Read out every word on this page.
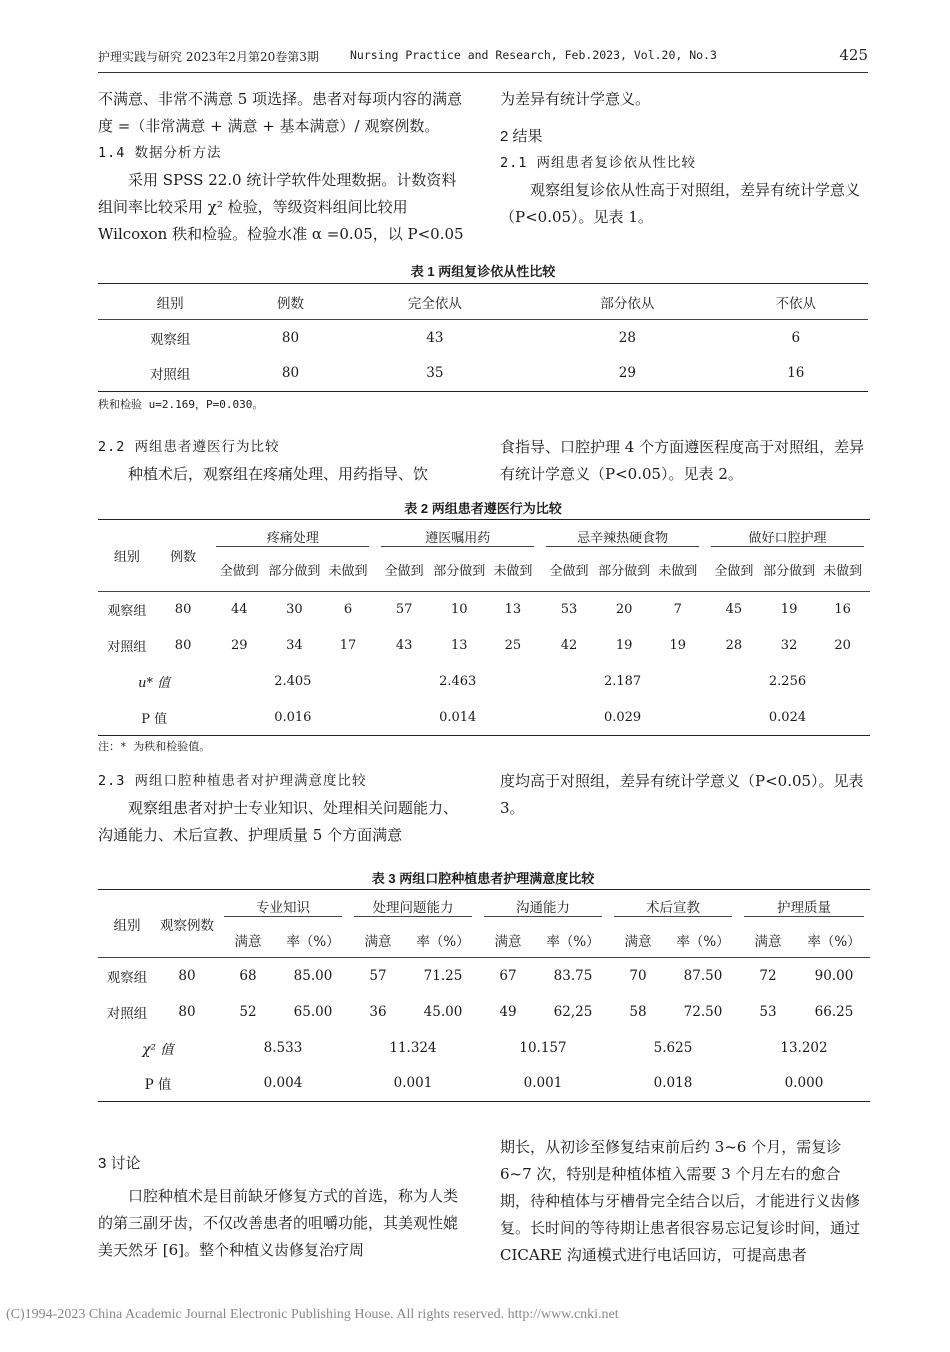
护理实践与研究 2023年2月第20卷第3期	Nursing Practice and Research, Feb.2023, Vol.20, No.3	425

不满意、非常不满意 5 项选择。患者对每项内容的满意度 =（非常满意 + 满意 + 基本满意）/ 观察例数。

1.4 数据分析方法

采用 SPSS 22.0 统计学软件处理数据。计数资料组间率比较采用 χ² 检验，等级资料组间比较用 Wilcoxon 秩和检验。检验水准 α =0.05，以 P<0.05

为差异有统计学意义。

2 结果

2.1 两组患者复诊依从性比较

观察组复诊依从性高于对照组，差异有统计学意义（P<0.05）。见表 1。

表 1 两组复诊依从性比较
组别	例数	完全依从	部分依从	不依从
观察组	80	43	28	6
对照组	80	35	29	16
秩和检验 u=2.169，P=0.030。

2.2 两组患者遵医行为比较

种植术后，观察组在疼痛处理、用药指导、饮

食指导、口腔护理 4 个方面遵医程度高于对照组，差异有统计学意义（P<0.05）。见表 2。

表 2 两组患者遵医行为比较
组别	例数	疼痛处理			遵医嘱用药			忌辛辣热硬食物			做好口腔护理		

		全做到	部分做到	未做到	全做到	部分做到	未做到	全做到	部分做到	未做到	全做到	部分做到	未做到
观察组	80	44	30	6	57	10	13	53	20	7	45	19	16
对照组	80	29	34	17	43	13	25	42	19	19	28	32	20
u* 值		2.405			2.463			2.187			2.256		
P 值		0.016			0.014			0.029			0.024		
注：* 为秩和检验值。

2.3 两组口腔种植患者对护理满意度比较

观察组患者对护士专业知识、处理相关问题能力、沟通能力、术后宣教、护理质量 5 个方面满意

度均高于对照组，差异有统计学意义（P<0.05）。见表 3。

表 3 两组口腔种植患者护理满意度比较
组别	观察例数	专业知识		处理问题能力		沟通能力		术后宣教		护理质量	

		满意	率（%）	满意	率（%）	满意	率（%）	满意	率（%）	满意	率（%）
观察组	80	68	85.00	57	71.25	67	83.75	70	87.50	72	90.00
对照组	80	52	65.00	36	45.00	49	62,25	58	72.50	53	66.25
χ² 值		8.533		11.324		10.157		5.625		13.202	
P 值		0.004		0.001		0.001		0.018		0.000	

3 讨论

口腔种植术是目前缺牙修复方式的首选，称为人类的第三副牙齿，不仅改善患者的咀嚼功能，其美观性媲美天然牙 [6]。整个种植义齿修复治疗周

期长，从初诊至修复结束前后约 3~6 个月，需复诊 6~7 次，特别是种植体植入需要 3 个月左右的愈合期，待种植体与牙槽骨完全结合以后，才能进行义齿修复。长时间的等待期让患者很容易忘记复诊时间，通过 CICARE 沟通模式进行电话回访，可提高患者

(C)1994-2023 China Academic Journal Electronic Publishing House. All rights reserved. http://www.cnki.net
